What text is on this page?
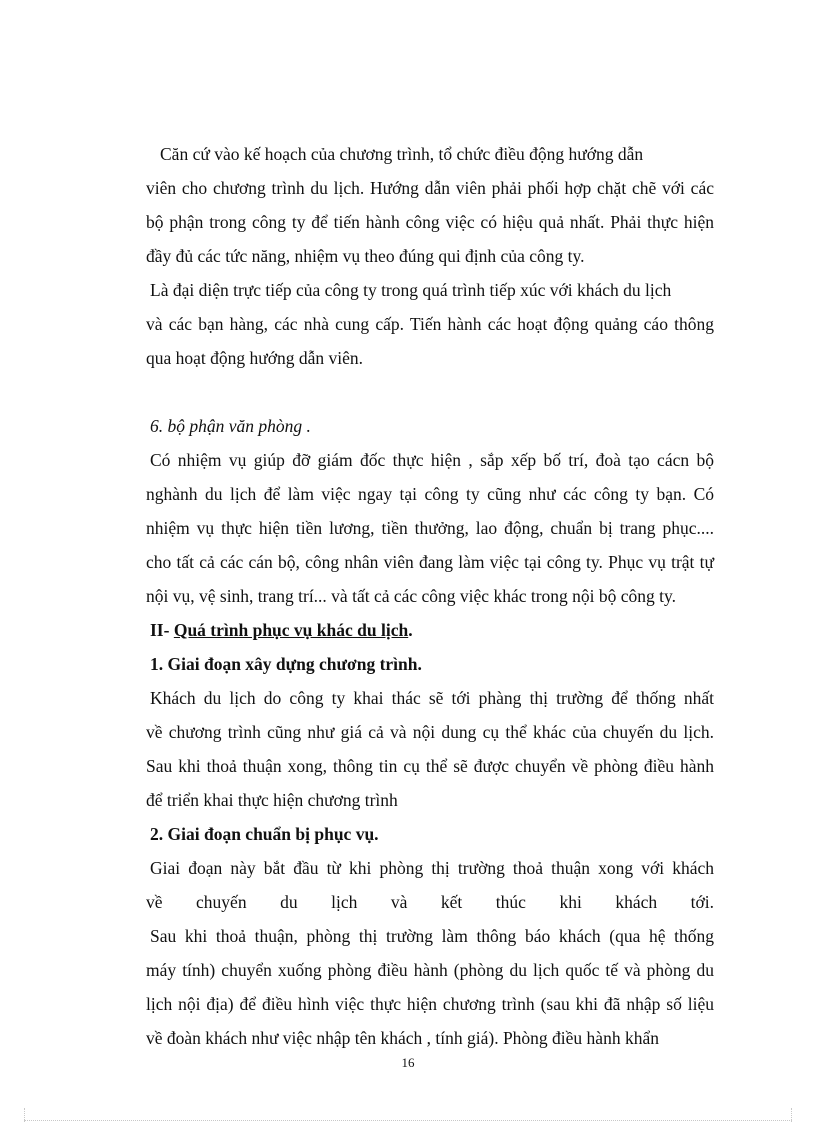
Căn cứ vào kế hoạch của chương trình, tổ chức điều động hướng dẫn
viên cho chương trình du lịch. Hướng dẫn viên phải phối hợp chặt chẽ với các
bộ phận trong công ty để tiến hành công việc có hiệu quả nhất. Phải thực hiện
đầy đủ các tức năng, nhiệm vụ theo đúng qui định của công ty.
Là đại diện trực tiếp của công ty trong quá trình tiếp xúc với khách du lịch
và các bạn hàng, các nhà cung cấp. Tiến hành các hoạt động quảng cáo thông
qua hoạt động hướng dẫn viên.
6. bộ phận văn phòng .
Có nhiệm vụ giúp đỡ giám đốc thực hiện , sắp xếp bố trí, đoà tạo cácn bộ
nghành du lịch để làm việc ngay tại công ty cũng như các công ty bạn. Có
nhiệm vụ thực hiện tiền lương, tiền thưởng, lao động, chuẩn bị trang phục....
cho tất cả các cán bộ, công nhân viên đang làm việc tại công ty. Phục vụ trật tự
nội vụ, vệ sinh, trang trí... và tất cả các công việc khác trong nội bộ công ty.
II- Quá trình phục vụ khác du lịch.
1. Giai đoạn xây dựng chương trình.
Khách du lịch do công ty khai thác sẽ tới phàng thị trường để thống nhất
về chương trình cũng như giá cả và nội dung cụ thể khác của chuyến du lịch.
Sau khi thoả thuận xong, thông tin cụ thể sẽ được chuyển về phòng điều hành
để triển khai thực hiện chương trình
2. Giai đoạn chuẩn bị phục vụ.
Giai đoạn này bắt đầu từ khi phòng thị trường thoả thuận xong với khách
về chuyến du lịch và kết thúc khi khách tới.
Sau khi thoả thuận, phòng thị trường làm thông báo khách (qua hệ thống
máy tính) chuyển xuống phòng điều hành (phòng du lịch quốc tế và phòng du
lịch nội địa) để điều hình việc thực hiện chương trình (sau khi đã nhập số liệu
về đoàn khách như việc nhập tên khách , tính giá). Phòng điều hành khẩn
16
